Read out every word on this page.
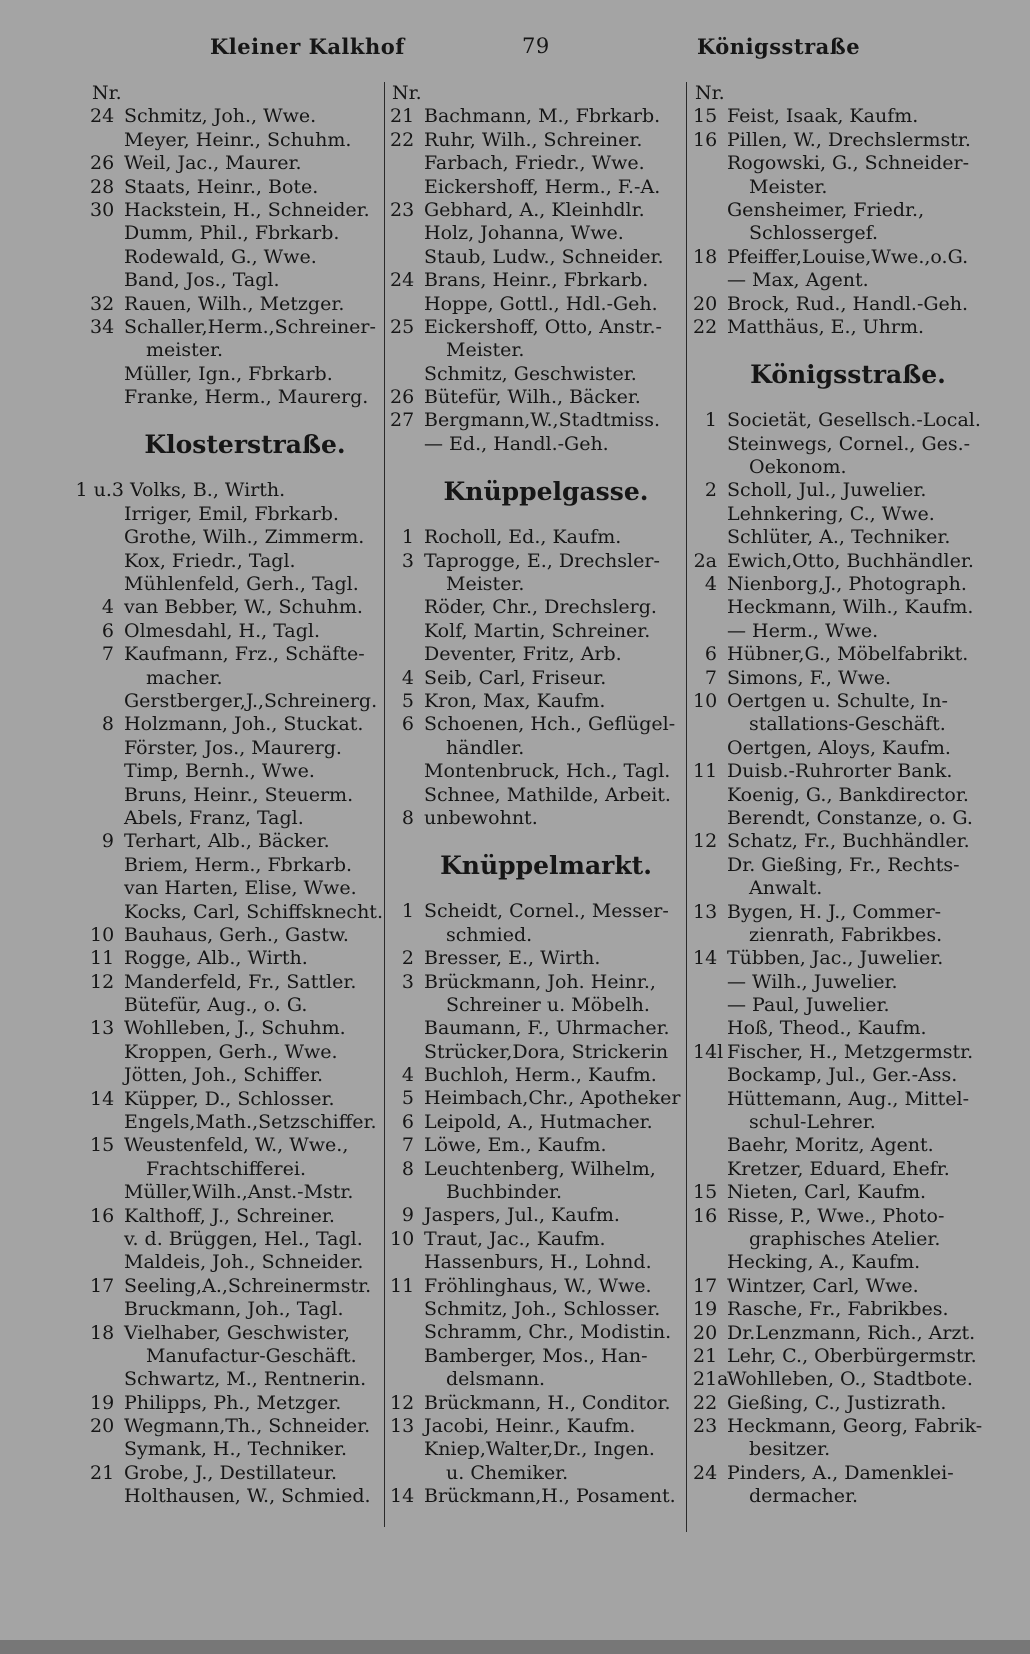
Kleiner Kalkhof	79	Königsstraße
Nr.
24 Schmitz, Joh., Wwe.
Meyer, Heinr., Schuhm.
26 Weil, Jac., Maurer.
28 Staats, Heinr., Bote.
30 Hackstein, H., Schneider.
Dumm, Phil., Fbrkarb.
Rodewald, G., Wwe.
Band, Jos., Tagl.
32 Rauen, Wilh., Metzger.
34 Schaller,Herm.,Schreiner-
meister.
Müller, Ign., Fbrkarb.
Franke, Herm., Maurerg.
Klosterstraße.
1 u.3 Volks, B., Wirth.
Irriger, Emil, Fbrkarb.
Grothe, Wilh., Zimmerm.
Kox, Friedr., Tagl.
Mühlenfeld, Gerh., Tagl.
4 van Bebber, W., Schuhm.
6 Olmesdahl, H., Tagl.
7 Kaufmann, Frz., Schäfte-
macher.
Gerstberger,J.,Schreinerg.
8 Holzmann, Joh., Stuckat.
Förster, Jos., Maurerg.
Timp, Bernh., Wwe.
Bruns, Heinr., Steuerm.
Abels, Franz, Tagl.
9 Terhart, Alb., Bäcker.
Briem, Herm., Fbrkarb.
van Harten, Elise, Wwe.
Kocks, Carl, Schiffsknecht.
10 Bauhaus, Gerh., Gastw.
11 Rogge, Alb., Wirth.
12 Manderfeld, Fr., Sattler.
Bütefür, Aug., o. G.
13 Wohlleben, J., Schuhm.
Kroppen, Gerh., Wwe.
Jötten, Joh., Schiffer.
14 Küpper, D., Schlosser.
Engels,Math.,Setzschiffer.
15 Weustenfeld, W., Wwe.,
Frachtschifferei.
Müller,Wilh.,Anst.-Mstr.
16 Kalthoff, J., Schreiner.
v. d. Brüggen, Hel., Tagl.
Maldeis, Joh., Schneider.
17 Seeling,A.,Schreinermstr.
Bruckmann, Joh., Tagl.
18 Vielhaber, Geschwister,
Manufactur-Geschäft.
Schwartz, M., Rentnerin.
19 Philipps, Ph., Metzger.
20 Wegmann,Th., Schneider.
Symank, H., Techniker.
21 Grobe, J., Destillateur.
Holthausen, W., Schmied.
Nr.
21 Bachmann, M., Fbrkarb.
22 Ruhr, Wilh., Schreiner.
Farbach, Friedr., Wwe.
Eickershoff, Herm., F.-A.
23 Gebhard, A., Kleinhdlr.
Holz, Johanna, Wwe.
Staub, Ludw., Schneider.
24 Brans, Heinr., Fbrkarb.
Hoppe, Gottl., Hdl.-Geh.
25 Eickershoff, Otto, Anstr.-
Meister.
Schmitz, Geschwister.
26 Bütefür, Wilh., Bäcker.
27 Bergmann,W.,Stadtmiss.
— Ed., Handl.-Geh.
Knüppelgasse.
1 Rocholl, Ed., Kaufm.
3 Taprogge, E., Drechsler-
Meister.
Röder, Chr., Drechslerg.
Kolf, Martin, Schreiner.
Deventer, Fritz, Arb.
4 Seib, Carl, Friseur.
5 Kron, Max, Kaufm.
6 Schoenen, Hch., Geflügel-
händler.
Montenbruck, Hch., Tagl.
Schnee, Mathilde, Arbeit.
8 unbewohnt.
Knüppelmarkt.
1 Scheidt, Cornel., Messer-
schmied.
2 Bresser, E., Wirth.
3 Brückmann, Joh. Heinr.,
Schreiner u. Möbelh.
Baumann, F., Uhrmacher.
Strücker,Dora, Strickerin
4 Buchloh, Herm., Kaufm.
5 Heimbach,Chr., Apotheker
6 Leipold, A., Hutmacher.
7 Löwe, Em., Kaufm.
8 Leuchtenberg, Wilhelm,
Buchbinder.
9 Jaspers, Jul., Kaufm.
10 Traut, Jac., Kaufm.
Hassenburs, H., Lohnd.
11 Fröhlinghaus, W., Wwe.
Schmitz, Joh., Schlosser.
Schramm, Chr., Modistin.
Bamberger, Mos., Han-
delsmann.
12 Brückmann, H., Conditor.
13 Jacobi, Heinr., Kaufm.
Kniep,Walter,Dr., Ingen.
u. Chemiker.
14 Brückmann,H., Posament.
Nr.
15 Feist, Isaak, Kaufm.
16 Pillen, W., Drechslermstr.
Rogowski, G., Schneider-
Meister.
Gensheimer, Friedr.,
Schlossergef.
18 Pfeiffer,Louise,Wwe.,o.G.
— Max, Agent.
20 Brock, Rud., Handl.-Geh.
22 Matthäus, E., Uhrm.
Königsstraße.
1 Societät, Gesellsch.-Local.
Steinwegs, Cornel., Ges.-
Oekonom.
2 Scholl, Jul., Juwelier.
Lehnkering, C., Wwe.
Schlüter, A., Techniker.
2a Ewich,Otto, Buchhändler.
4 Nienborg,J., Photograph.
Heckmann, Wilh., Kaufm.
— Herm., Wwe.
6 Hübner,G., Möbelfabrikt.
7 Simons, F., Wwe.
10 Oertgen u. Schulte, In-
stallations-Geschäft.
Oertgen, Aloys, Kaufm.
11 Duisb.-Ruhrorter Bank.
Koenig, G., Bankdirector.
Berendt, Constanze, o. G.
12 Schatz, Fr., Buchhändler.
Dr. Gießing, Fr., Rechts-
Anwalt.
13 Bygen, H. J., Commer-
zienrath, Fabrikbes.
14 Tübben, Jac., Juwelier.
— Wilh., Juwelier.
— Paul, Juwelier.
Hoß, Theod., Kaufm.
14l Fischer, H., Metzgermstr.
Bockamp, Jul., Ger.-Ass.
Hüttemann, Aug., Mittel-
schul-Lehrer.
Baehr, Moritz, Agent.
Kretzer, Eduard, Ehefr.
15 Nieten, Carl, Kaufm.
16 Risse, P., Wwe., Photo-
graphisches Atelier.
Hecking, A., Kaufm.
17 Wintzer, Carl, Wwe.
19 Rasche, Fr., Fabrikbes.
20 Dr.Lenzmann, Rich., Arzt.
21 Lehr, C., Oberbürgermstr.
21a
Wohlleben, O., Stadtbote.
22 Gießing, C., Justizrath.
23 Heckmann, Georg, Fabrik-
besitzer.
24 Pinders, A., Damenklei-
dermacher.
